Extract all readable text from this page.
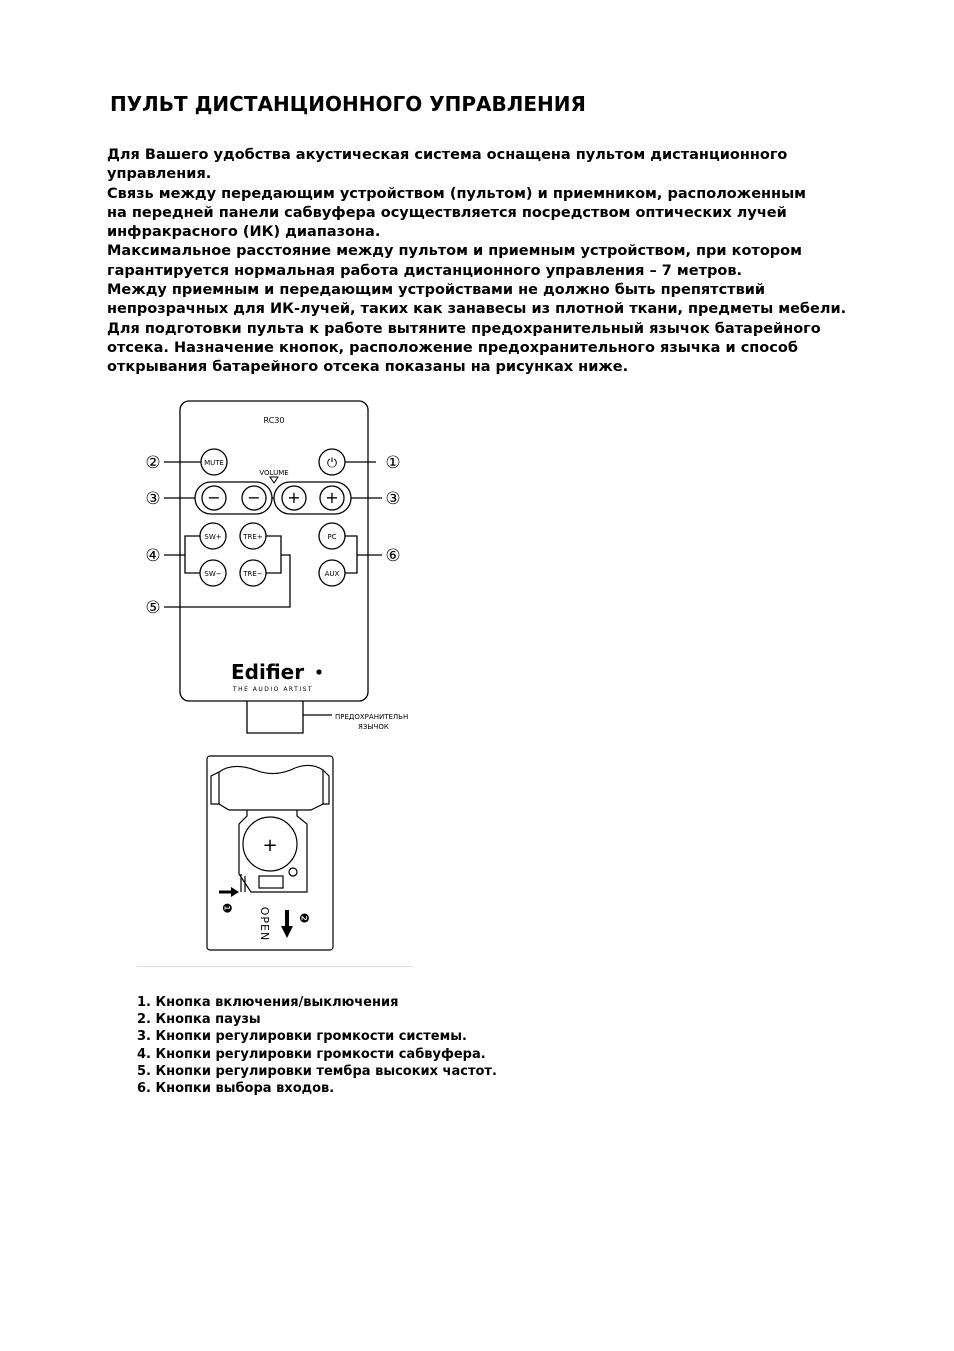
ПУЛЬТ ДИСТАНЦИОННОГО УПРАВЛЕНИЯ
Для Вашего удобства акустическая система оснащена пультом дистанционного
управления.
Связь между передающим устройством (пультом) и приемником, расположенным
на передней панели сабвуфера осуществляется посредством оптических лучей
инфракрасного (ИК) диапазона.
Максимальное расстояние между пультом и приемным устройством, при котором
гарантируется нормальная работа дистанционного управления – 7 метров.
Между приемным и передающим устройствами не должно быть препятствий
непрозрачных для ИК-лучей, таких как занавесы из плотной ткани, предметы мебели.
Для подготовки пульта к работе вытяните предохранительный язычок батарейного
отсека. Назначение кнопок, расположение предохранительного язычка и способ
открывания батарейного отсека показаны на рисунках ниже.
RC30
VOLUME
MUTE	⏻
− − + +
SW+	TRE+	PC
SW−	TRE−	AUX
②	①
③	③
④	⑥
⑤
Edifier
THE AUDIO ARTIST
ПРЕДОХРАНИТЕЛЬН
ЯЗЫЧОК
+
❶ OPEN ❷
1. Кнопка включения/выключения
2. Кнопка паузы
3. Кнопки регулировки громкости системы.
4. Кнопки регулировки громкости сабвуфера.
5. Кнопки регулировки тембра высоких частот.
6. Кнопки выбора входов.
